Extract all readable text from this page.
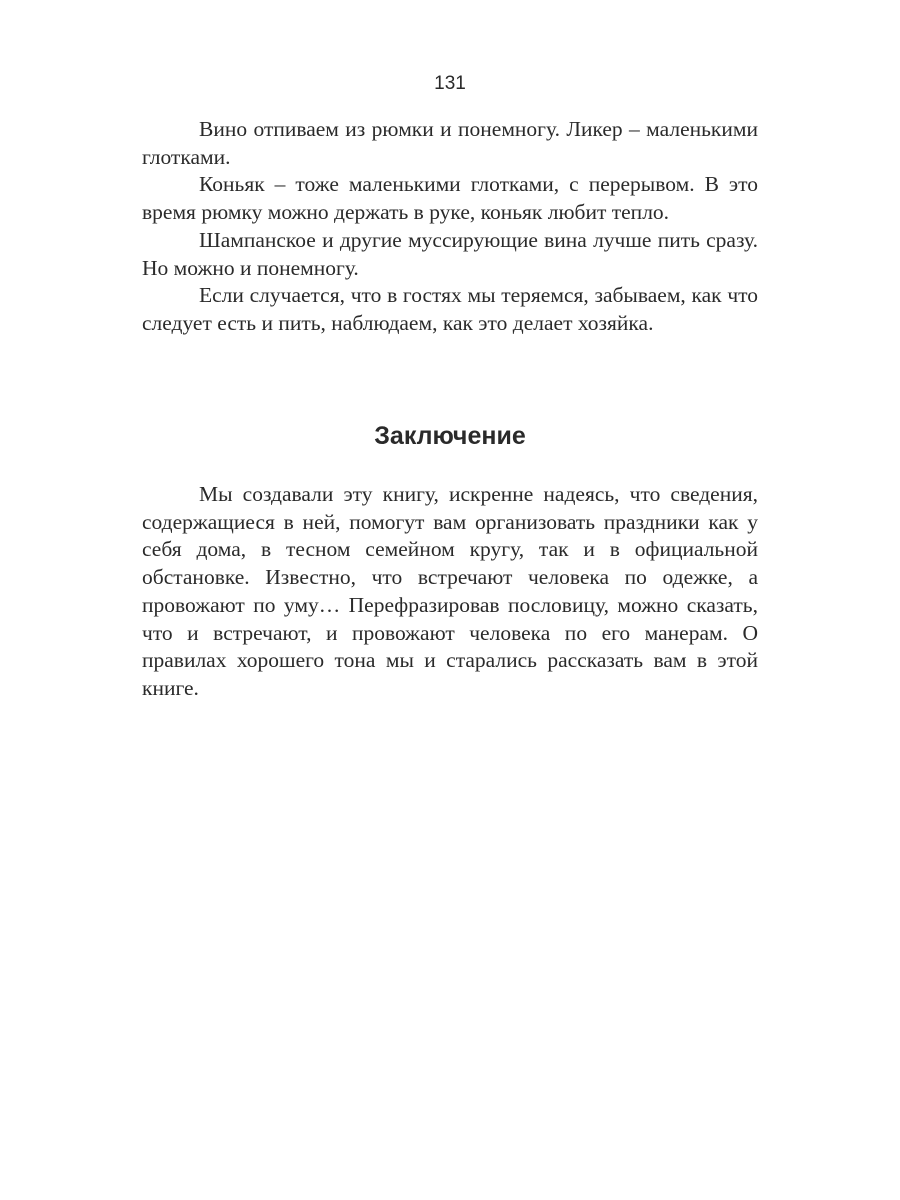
131

Вино отпиваем из рюмки и понемногу. Ликер – маленькими глотками.

Коньяк – тоже маленькими глотками, с перерывом. В это время рюмку можно держать в руке, коньяк любит тепло.

Шампанское и другие муссирующие вина лучше пить сразу. Но можно и понемногу.

Если случается, что в гостях мы теряемся, забываем, как что следует есть и пить, наблюдаем, как это делает хозяйка.

Заключение

Мы создавали эту книгу, искренне надеясь, что сведения, содержащиеся в ней, помогут вам организовать праздники как у себя дома, в тесном семейном кругу, так и в официальной обстановке. Известно, что встречают человека по одежке, а провожают по уму… Перефразировав пословицу, можно сказать, что и встречают, и провожают человека по его манерам. О правилах хорошего тона мы и старались рассказать вам в этой книге.
